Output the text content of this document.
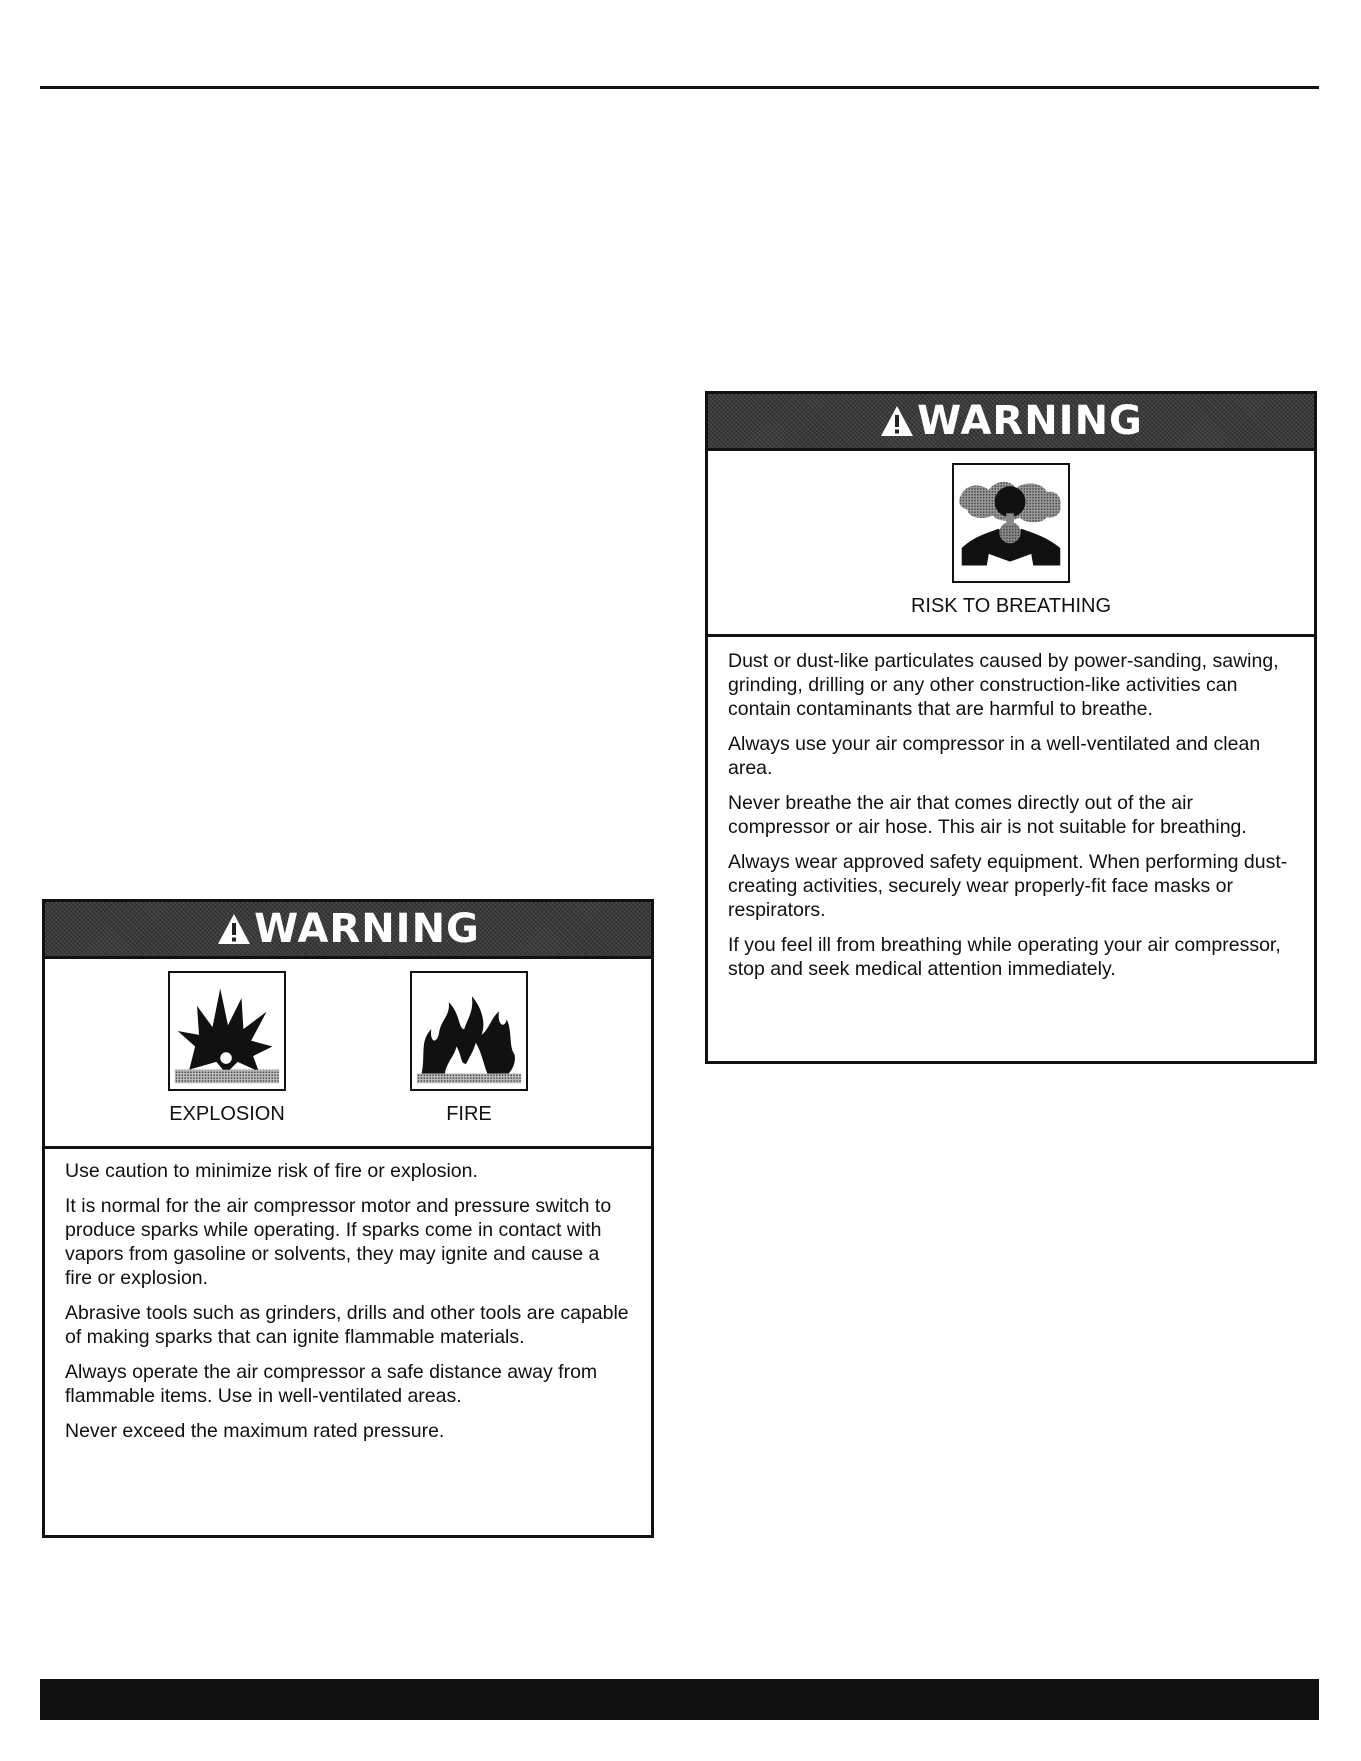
WARNING
EXPLOSION	FIRE

Use caution to minimize risk of fire or explosion.

It is normal for the air compressor motor and pressure switch to produce sparks while operating. If sparks come in contact with vapors from gasoline or solvents, they may ignite and cause a fire or explosion.

Abrasive tools such as grinders, drills and other tools are capable of making sparks that can ignite flammable materials.

Always operate the air compressor a safe distance away from flammable items. Use in well-ventilated areas.

Never exceed the maximum rated pressure.

WARNING
RISK TO BREATHING

Dust or dust-like particulates caused by power-sanding, sawing, grinding, drilling or any other construction-like activities can contain contaminants that are harmful to breathe.

Always use your air compressor in a well-ventilated and clean area.

Never breathe the air that comes directly out of the air compressor or air hose. This air is not suitable for breathing.

Always wear approved safety equipment. When performing dust-creating activities, securely wear properly-fit face masks or respirators.

If you feel ill from breathing while operating your air compressor, stop and seek medical attention immediately.
